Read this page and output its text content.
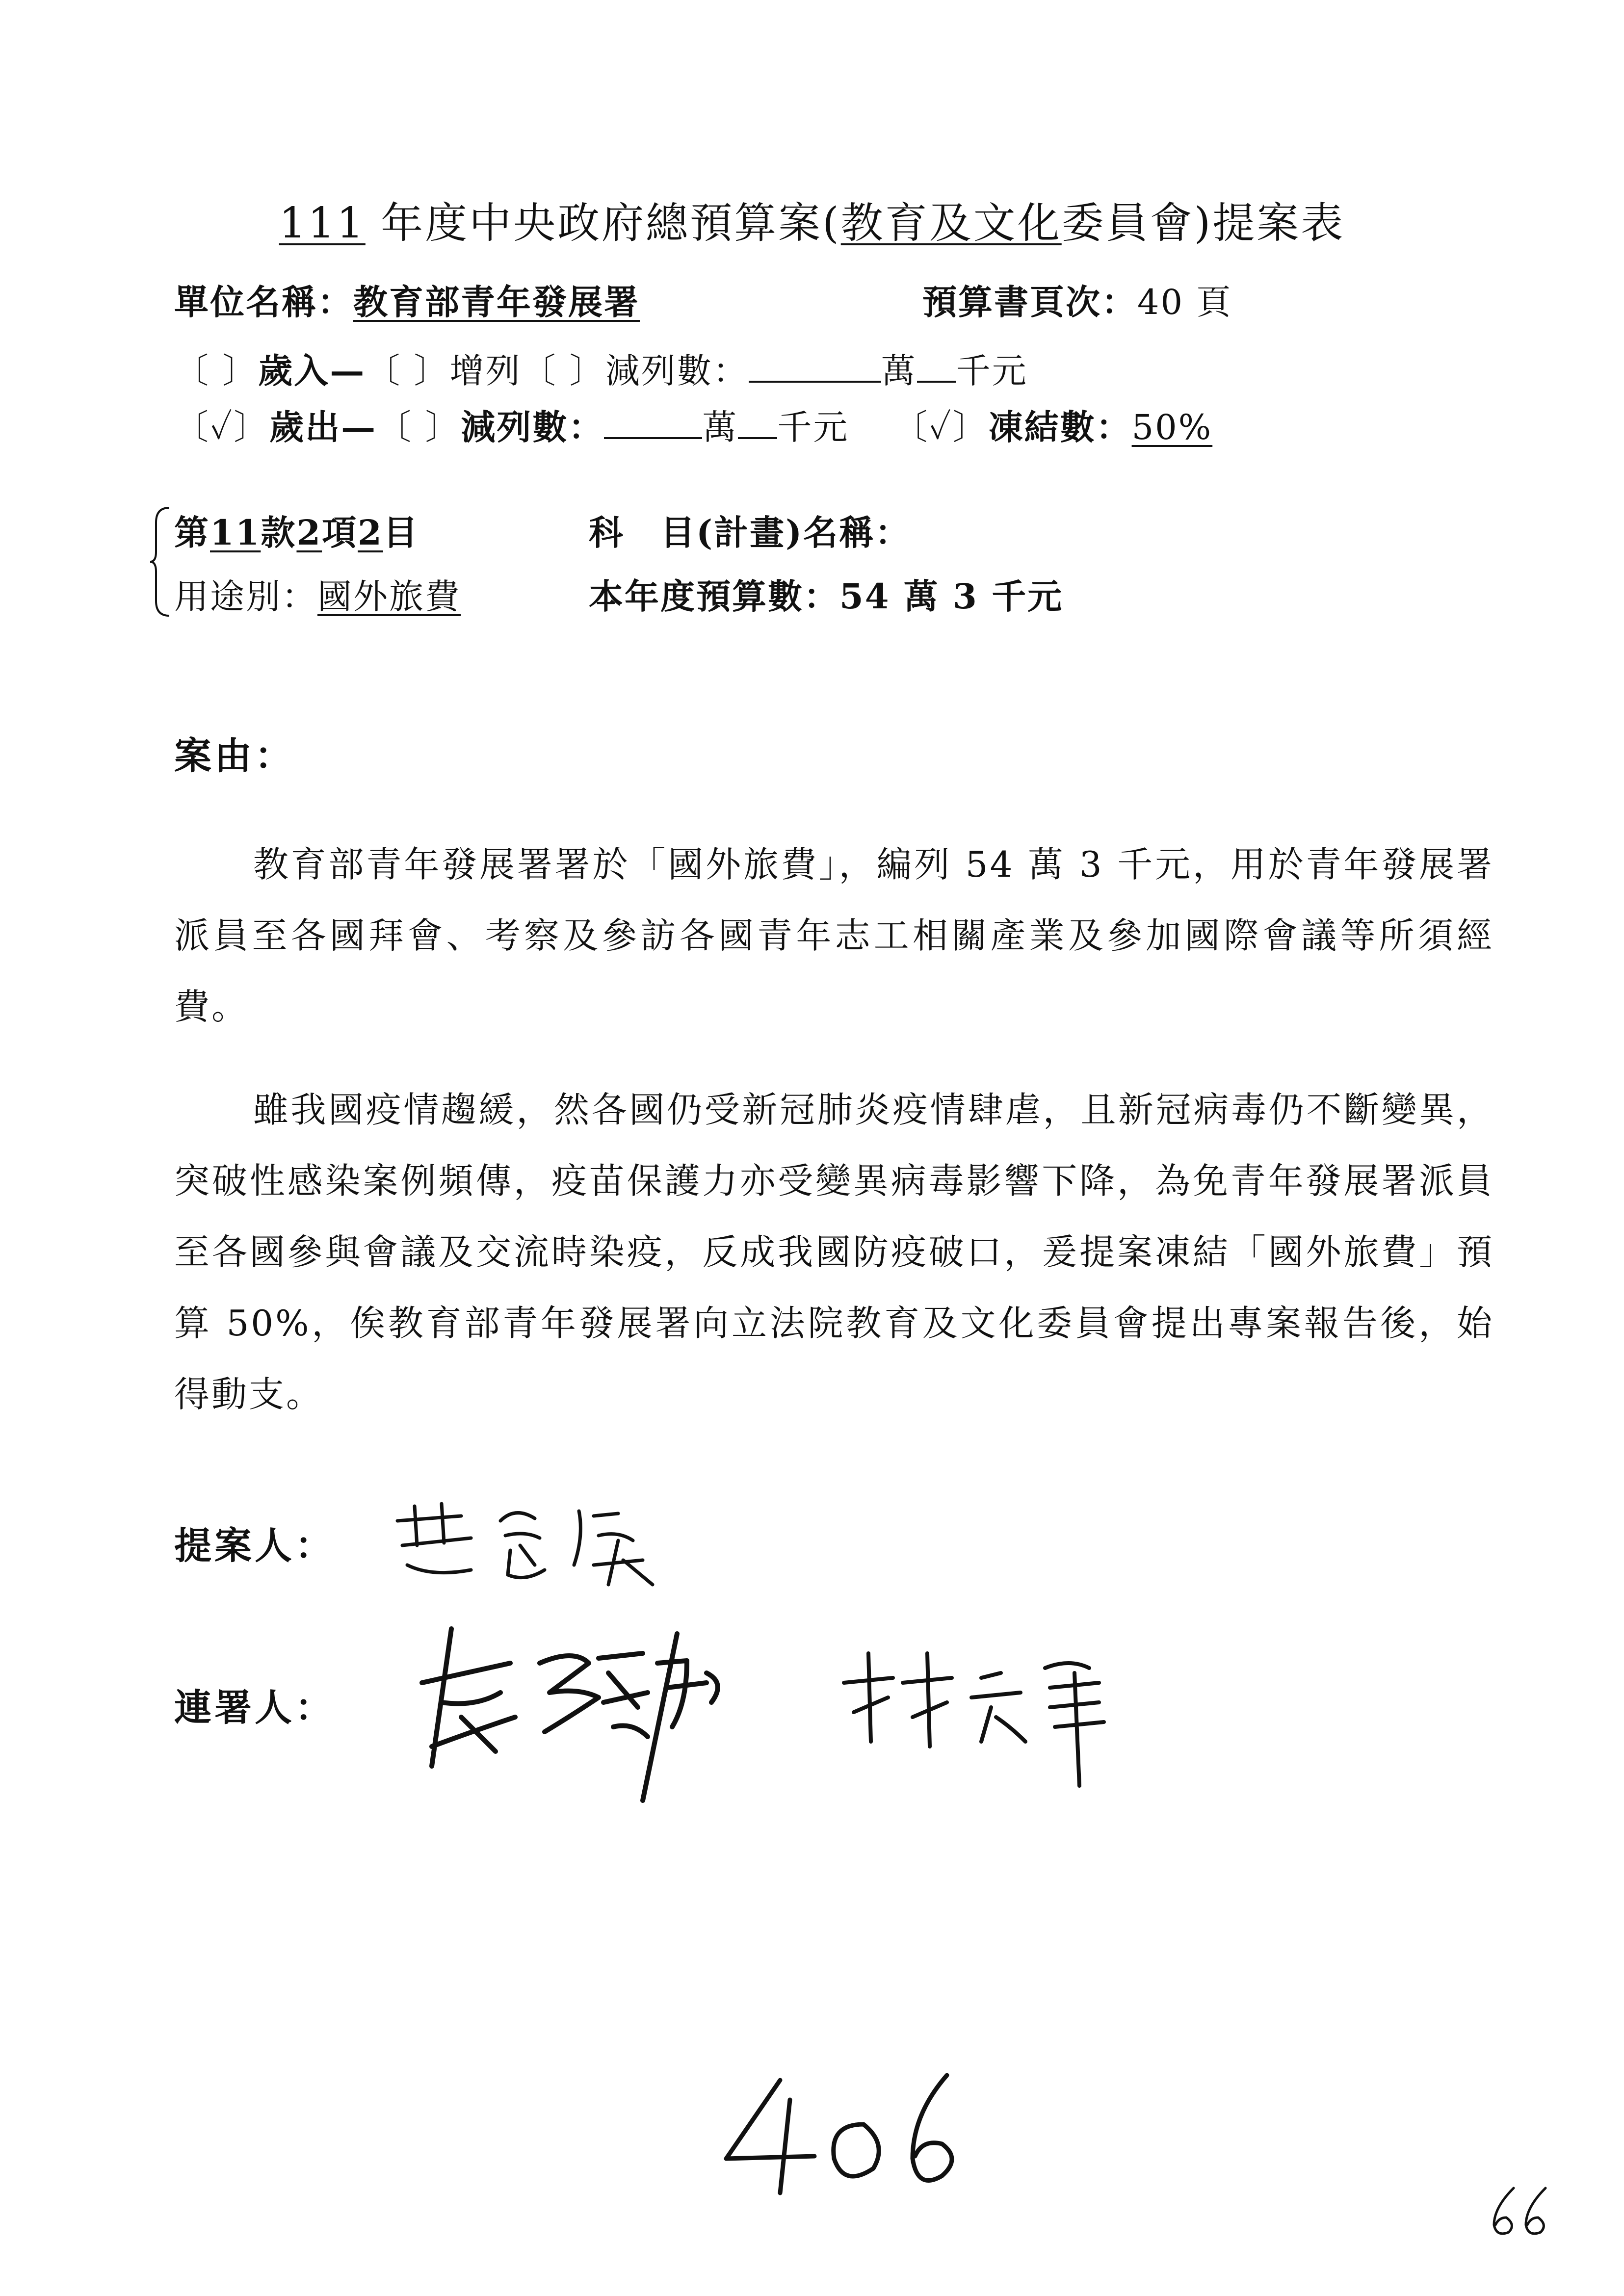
111 年度中央政府總預算案(教育及文化委員會)提案表
單位名稱：教育部青年發展署	預算書頁次：40 頁
〔 〕歲入—〔 〕增列〔 〕減列數：	萬 千元
〔✓〕歲出—〔 〕減列數：	萬 千元 〔✓〕凍結數：50%
第11款2項2目	科　目(計畫)名稱：
用途別：國外旅費	本年度預算數：54 萬 3 千元
案由：
教育部青年發展署署於「國外旅費」，編列 54 萬 3 千元，用於青年發展署派員至各國拜會、考察及參訪各國青年志工相關產業及參加國際會議等所須經費。
雖我國疫情趨緩，然各國仍受新冠肺炎疫情肆虐，且新冠病毒仍不斷變異，突破性感染案例頻傳，疫苗保護力亦受變異病毒影響下降，為免青年發展署派員至各國參與會議及交流時染疫，反成我國防疫破口，爰提案凍結「國外旅費」預算 50%，俟教育部青年發展署向立法院教育及文化委員會提出專案報告後，始得動支。
提案人：
連署人：
